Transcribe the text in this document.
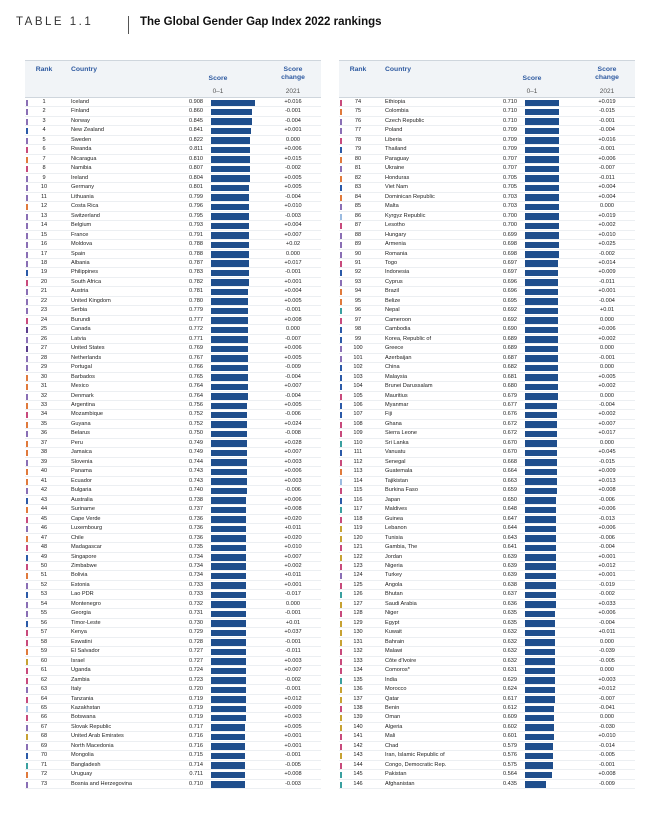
TABLE 1.1	The Global Gender Gap Index 2022 rankings
Rank	Country
Score
Score
change
0–1	2021
1	Iceland	0.908	+0.016
2	Finland	0.860	-0.001
3	Norway	0.845	-0.004
4	New Zealand	0.841	+0.001
5	Sweden	0.822	0.000
6	Rwanda	0.811	+0.006
7	Nicaragua	0.810	+0.015
8	Namibia	0.807	-0.002
9	Ireland	0.804	+0.005
10	Germany	0.801	+0.005
11	Lithuania	0.799	-0.004
12	Costa Rica	0.796	+0.010
13	Switzerland	0.795	-0.003
14	Belgium	0.793	+0.004
15	France	0.791	+0.007
16	Moldova	0.788	+0.02
17	Spain	0.788	0.000
18	Albania	0.787	+0.017
19	Philippines	0.783	-0.001
20	South Africa	0.782	+0.001
21	Austria	0.781	+0.004
22	United Kingdom	0.780	+0.005
23	Serbia	0.779	-0.001
24	Burundi	0.777	+0.008
25	Canada	0.772	0.000
26	Latvia	0.771	-0.007
27	United States	0.769	+0.006
28	Netherlands	0.767	+0.005
29	Portugal	0.766	-0.009
30	Barbados	0.765	-0.004
31	Mexico	0.764	+0.007
32	Denmark	0.764	-0.004
33	Argentina	0.756	+0.005
34	Mozambique	0.752	-0.006
35	Guyana	0.752	+0.024
36	Belarus	0.750	-0.008
37	Peru	0.749	+0.028
38	Jamaica	0.749	+0.007
39	Slovenia	0.744	+0.003
40	Panama	0.743	+0.006
41	Ecuador	0.743	+0.003
42	Bulgaria	0.740	-0.006
43	Australia	0.738	+0.006
44	Suriname	0.737	+0.008
45	Cape Verde	0.736	+0.020
46	Luxembourg	0.736	+0.011
47	Chile	0.736	+0.020
48	Madagascar	0.735	+0.010
49	Singapore	0.734	+0.007
50	Zimbabwe	0.734	+0.002
51	Bolivia	0.734	+0.011
52	Estonia	0.733	+0.001
53	Lao PDR	0.733	-0.017
54	Montenegro	0.732	0.000
55	Georgia	0.731	-0.001
56	Timor-Leste	0.730	+0.01
57	Kenya	0.729	+0.037
58	Eswatini	0.728	-0.001
59	El Salvador	0.727	-0.011
60	Israel	0.727	+0.003
61	Uganda	0.724	+0.007
62	Zambia	0.723	-0.002
63	Italy	0.720	-0.001
64	Tanzania	0.719	+0.012
65	Kazakhstan	0.719	+0.009
66	Botswana	0.719	+0.003
67	Slovak Republic	0.717	+0.005
68	United Arab Emirates	0.716	+0.001
69	North Macedonia	0.716	+0.001
70	Mongolia	0.715	-0.001
71	Bangladesh	0.714	-0.005
72	Uruguay	0.711	+0.008
73	Bosnia and Herzegovina	0.710	-0.003
Rank	Country
Score
Score
change
0–1	2021
74	Ethiopia	0.710	+0.019
75	Colombia	0.710	-0.015
76	Czech Republic	0.710	-0.001
77	Poland	0.709	-0.004
78	Liberia	0.709	+0.016
79	Thailand	0.709	-0.001
80	Paraguay	0.707	+0.006
81	Ukraine	0.707	-0.007
82	Honduras	0.705	-0.011
83	Viet Nam	0.705	+0.004
84	Dominican Republic	0.703	+0.004
85	Malta	0.703	0.000
86	Kyrgyz Republic	0.700	+0.019
87	Lesotho	0.700	+0.002
88	Hungary	0.699	+0.010
89	Armenia	0.698	+0.025
90	Romania	0.698	-0.002
91	Togo	0.697	+0.014
92	Indonesia	0.697	+0.009
93	Cyprus	0.696	-0.011
94	Brazil	0.696	+0.001
95	Belize	0.695	-0.004
96	Nepal	0.692	+0.01
97	Cameroon	0.692	0.000
98	Cambodia	0.690	+0.006
99	Korea, Republic of	0.689	+0.002
100	Greece	0.689	0.000
101	Azerbaijan	0.687	-0.001
102	China	0.682	0.000
103	Malaysia	0.681	+0.005
104	Brunei Darussalam	0.680	+0.002
105	Mauritius	0.679	0.000
106	Myanmar	0.677	-0.004
107	Fiji	0.676	+0.002
108	Ghana	0.672	+0.007
109	Sierra Leone	0.672	+0.017
110	Sri Lanka	0.670	0.000
111	Vanuatu	0.670	+0.045
112	Senegal	0.668	-0.015
113	Guatemala	0.664	+0.009
114	Tajikistan	0.663	+0.013
115	Burkina Faso	0.659	+0.008
116	Japan	0.650	-0.006
117	Maldives	0.648	+0.006
118	Guinea	0.647	-0.013
119	Lebanon	0.644	+0.006
120	Tunisia	0.643	-0.006
121	Gambia, The	0.641	-0.004
122	Jordan	0.639	+0.001
123	Nigeria	0.639	+0.012
124	Turkey	0.639	+0.001
125	Angola	0.638	-0.019
126	Bhutan	0.637	-0.002
127	Saudi Arabia	0.636	+0.033
128	Niger	0.635	+0.006
129	Egypt	0.635	-0.004
130	Kuwait	0.632	+0.011
131	Bahrain	0.632	0.000
132	Malawi	0.632	-0.039
133	Côte d'Ivoire	0.632	-0.005
134	Comoros*	0.631	0.000
135	India	0.629	+0.003
136	Morocco	0.624	+0.012
137	Qatar	0.617	-0.007
138	Benin	0.612	-0.041
139	Oman	0.609	0.000
140	Algeria	0.602	-0.030
141	Mali	0.601	+0.010
142	Chad	0.579	-0.014
143	Iran, Islamic Republic of	0.576	-0.005
144	Congo, Democratic Rep.	0.575	-0.001
145	Pakistan	0.564	+0.008
146	Afghanistan	0.435	-0.009
